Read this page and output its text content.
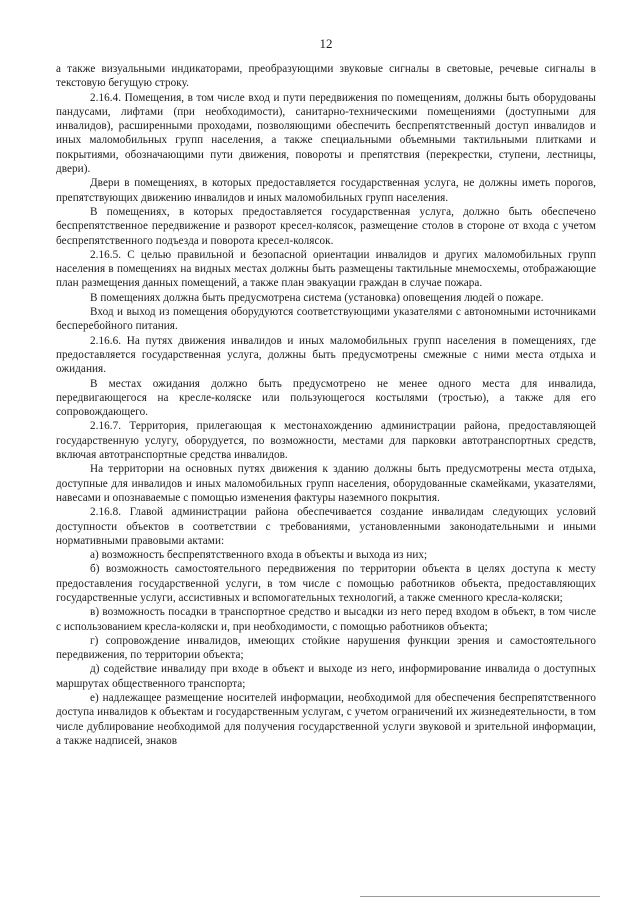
12

а также визуальными индикаторами, преобразующими звуковые сигналы в световые, речевые сигналы в текстовую бегущую строку.

2.16.4. Помещения, в том числе вход и пути передвижения по помещениям, должны быть оборудованы пандусами, лифтами (при необходимости), санитарно-техническими помещениями (доступными для инвалидов), расширенными проходами, позволяющими обеспечить беспрепятственный доступ инвалидов и иных маломобильных групп населения, а также специальными объемными тактильными плитками и покрытиями, обозначающими пути движения, повороты и препятствия (перекрестки, ступени, лестницы, двери).

Двери в помещениях, в которых предоставляется государственная услуга, не должны иметь порогов, препятствующих движению инвалидов и иных маломобильных групп населения.

В помещениях, в которых предоставляется государственная услуга, должно быть обеспечено беспрепятственное передвижение и разворот кресел-колясок, размещение столов в стороне от входа с учетом беспрепятственного подъезда и поворота кресел-колясок.

2.16.5. С целью правильной и безопасной ориентации инвалидов и других маломобильных групп населения в помещениях на видных местах должны быть размещены тактильные мнемосхемы, отображающие план размещения данных помещений, а также план эвакуации граждан в случае пожара.

В помещениях должна быть предусмотрена система (установка) оповещения людей о пожаре.

Вход и выход из помещения оборудуются соответствующими указателями с автономными источниками бесперебойного питания.

2.16.6. На путях движения инвалидов и иных маломобильных групп населения в помещениях, где предоставляется государственная услуга, должны быть предусмотрены смежные с ними места отдыха и ожидания.

В местах ожидания должно быть предусмотрено не менее одного места для инвалида, передвигающегося на кресле-коляске или пользующегося костылями (тростью), а также для его сопровождающего.

2.16.7. Территория, прилегающая к местонахождению администрации района, предоставляющей государственную услугу, оборудуется, по возможности, местами для парковки автотранспортных средств, включая автотранспортные средства инвалидов.

На территории на основных путях движения к зданию должны быть предусмотрены места отдыха, доступные для инвалидов и иных маломобильных групп населения, оборудованные скамейками, указателями, навесами и опознаваемые с помощью изменения фактуры наземного покрытия.

2.16.8. Главой администрации района обеспечивается создание инвалидам следующих условий доступности объектов в соответствии с требованиями, установленными законодательными и иными нормативными правовыми актами:

а) возможность беспрепятственного входа в объекты и выхода из них;

б) возможность самостоятельного передвижения по территории объекта в целях доступа к месту предоставления государственной услуги, в том числе с помощью работников объекта, предоставляющих государственные услуги, ассистивных и вспомогательных технологий, а также сменного кресла-коляски;

в) возможность посадки в транспортное средство и высадки из него перед входом в объект, в том числе с использованием кресла-коляски и, при необходимости, с помощью работников объекта;

г) сопровождение инвалидов, имеющих стойкие нарушения функции зрения и самостоятельного передвижения, по территории объекта;

д) содействие инвалиду при входе в объект и выходе из него, информирование инвалида о доступных маршрутах общественного транспорта;

е) надлежащее размещение носителей информации, необходимой для обеспечения беспрепятственного доступа инвалидов к объектам и государственным услугам, с учетом ограничений их жизнедеятельности, в том числе дублирование необходимой для получения государственной услуги звуковой и зрительной информации, а также надписей, знаков
